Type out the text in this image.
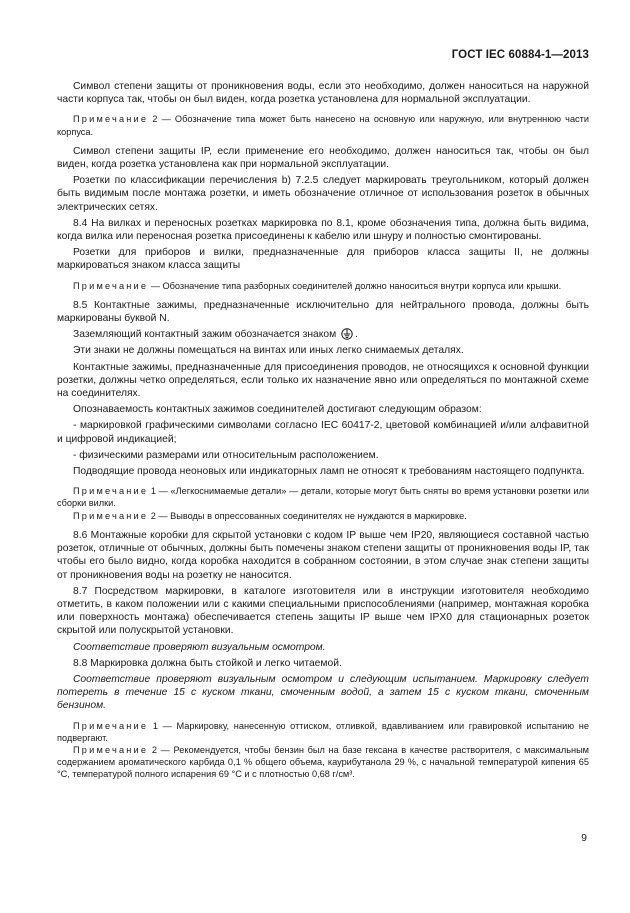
ГОСТ IEC 60884-1—2013

Символ степени защиты от проникновения воды, если это необходимо, должен наноситься на наружной части корпуса так, чтобы он был виден, когда розетка установлена для нормальной эксплуатации.

Примечание 2 — Обозначение типа может быть нанесено на основную или наружную, или внутреннюю части корпуса.

Символ степени защиты IP, если применение его необходимо, должен наноситься так, чтобы он был виден, когда розетка установлена как при нормальной эксплуатации.

Розетки по классификации перечисления b) 7.2.5 следует маркировать треугольником, который должен быть видимым после монтажа розетки, и иметь обозначение отличное от использования розеток в обычных электрических сетях.

8.4 На вилках и переносных розетках маркировка по 8.1, кроме обозначения типа, должна быть видима, когда вилка или переносная розетка присоединены к кабелю или шнуру и полностью смонтированы.

Розетки для приборов и вилки, предназначенные для приборов класса защиты II, не должны маркироваться знаком класса защиты

Примечание — Обозначение типа разборных соединителей должно наноситься внутри корпуса или крышки.

8.5 Контактные зажимы, предназначенные исключительно для нейтрального провода, должны быть маркированы буквой N.

Заземляющий контактный зажим обозначается знаком .

Эти знаки не должны помещаться на винтах или иных легко снимаемых деталях.

Контактные зажимы, предназначенные для присоединения проводов, не относящихся к основной функции розетки, должны четко определяться, если только их назначение явно или определяться по монтажной схеме на соединителях.

Опознаваемость контактных зажимов соединителей достигают следующим образом:

- маркировкой графическими символами согласно IEC 60417-2, цветовой комбинацией и/или алфавитной и цифровой индикацией;

- физическими размерами или относительным расположением.

Подводящие провода неоновых или индикаторных ламп не относят к требованиям настоящего подпункта.

Примечание 1 — «Легкоснимаемые детали» — детали, которые могут быть сняты во время установки розетки или сборки вилки.

Примечание 2 — Выводы в опрессованных соединителях не нуждаются в маркировке.

8.6 Монтажные коробки для скрытой установки с кодом IP выше чем IP20, являющиеся составной частью розеток, отличные от обычных, должны быть помечены знаком степени защиты от проникновения воды IP, так чтобы его было видно, когда коробка находится в собранном состоянии, в этом случае знак степени защиты от проникновения воды на розетку не наносится.

8.7 Посредством маркировки, в каталоге изготовителя или в инструкции изготовителя необходимо отметить, в каком положении или с какими специальными приспособлениями (например, монтажная коробка или поверхность монтажа) обеспечивается степень защиты IP выше чем IPX0 для стационарных розеток скрытой или полускрытой установки.

Соответствие проверяют визуальным осмотром.

8.8 Маркировка должна быть стойкой и легко читаемой.

Соответствие проверяют визуальным осмотром и следующим испытанием. Маркировку следует потереть в течение 15 с куском ткани, смоченным водой, а затем 15 с куском ткани, смоченным бензином.

Примечание 1 — Маркировку, нанесенную оттиском, отливкой, вдавливанием или гравировкой испытанию не подвергают.

Примечание 2 — Рекомендуется, чтобы бензин был на базе гексана в качестве растворителя, с максимальным содержанием ароматического карбида 0,1 % общего объема, каурибутанола 29 %, с начальной температурой кипения 65 °С, температурой полного испарения 69 °С и с плотностью 0,68 г/см³.

9
